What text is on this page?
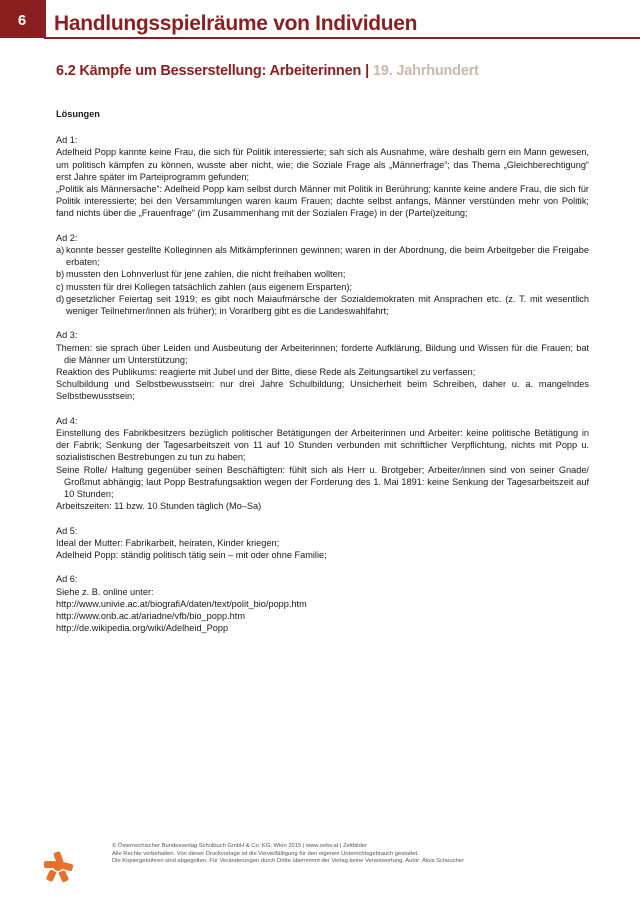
6	Handlungsspielräume von Individuen
6.2 Kämpfe um Besserstellung: Arbeiterinnen | 19. Jahrhundert
Lösungen

Ad 1:

Adelheid Popp kannte keine Frau, die sich für Politik interessierte; sah sich als Ausnahme, wäre deshalb gern ein Mann gewesen, um politisch kämpfen zu können, wusste aber nicht, wie; die Soziale Frage als „Männerfrage“; das Thema „Gleichberechtigung“ erst Jahre später im Parteiprogramm gefunden;

„Politik als Männersache“: Adelheid Popp kam selbst durch Männer mit Politik in Berührung; kannte keine andere Frau, die sich für Politik interessierte; bei den Versammlungen waren kaum Frauen; dachte selbst anfangs, Männer verstünden mehr von Politik; fand nichts über die „Frauenfrage“ (im Zusammenhang mit der Sozialen Frage) in der (Partei)zeitung;

Ad 2:

a) konnte besser gestellte Kolleginnen als Mitkämpferinnen gewinnen; waren in der Abordnung, die beim Arbeitgeber die Freigabe erbaten;
b) mussten den Lohnverlust für jene zahlen, die nicht freihaben wollten;
c) mussten für drei Kollegen tatsächlich zahlen (aus eigenem Ersparten);
d) gesetzlicher Feiertag seit 1919; es gibt noch Maiaufmärsche der Sozialdemokraten mit Ansprachen etc. (z. T. mit wesentlich weniger Teilnehmer/innen als früher); in Vorarlberg gibt es die Landeswahlfahrt;

Ad 3:

Themen: sie sprach über Leiden und Ausbeutung der Arbeiterinnen; forderte Aufklärung, Bildung und Wissen für die Frauen; bat die Männer um Unterstützung;

Reaktion des Publikums: reagierte mit Jubel und der Bitte, diese Rede als Zeitungsartikel zu verfassen;

Schulbildung und Selbstbewusstsein: nur drei Jahre Schulbildung; Unsicherheit beim Schreiben, daher u. a. mangelndes Selbstbewusstsein;

Ad 4:

Einstellung des Fabrikbesitzers bezüglich politischer Betätigungen der Arbeiterinnen und Arbeiter: keine politische Betätigung in der Fabrik; Senkung der Tagesarbeitszeit von 11 auf 10 Stunden verbunden mit schriftlicher Verpflichtung, nichts mit Popp u. sozialistischen Bestrebungen zu tun zu haben;

Seine Rolle/ Haltung gegenüber seinen Beschäftigten: fühlt sich als Herr u. Brotgeber; Arbeiter/innen sind von seiner Gnade/ Großmut abhängig; laut Popp Bestrafungsaktion wegen der Forderung des 1. Mai 1891: keine Senkung der Tagesarbeitszeit auf 10 Stunden;

Arbeitszeiten: 11 bzw. 10 Stunden täglich (Mo–Sa)

Ad 5:

Ideal der Mutter: Fabrikarbeit, heiraten, Kinder kriegen;

Adelheid Popp: ständig politisch tätig sein – mit oder ohne Familie;

Ad 6:

Siehe z. B. online unter:

http://www.univie.ac.at/biografiA/daten/text/polit_bio/popp.htm

http://www.onb.ac.at/ariadne/vfb/bio_popp.htm

http://de.wikipedia.org/wiki/Adelheid_Popp

© Österreichischer Bundesverlag Schulbuch GmbH & Co. KG, Wien 2015 | www.oebv.at | Zeitbilder
Alle Rechte vorbehalten. Von dieser Druckvorlage ist die Vervielfältigung für den eigenen Unterrichtsgebrauch gestattet.
Die Kopiergebühren sind abgegolten. Für Veränderungen durch Dritte übernimmt der Verlag keine Verantwortung. Autor: Alois Scheucher
